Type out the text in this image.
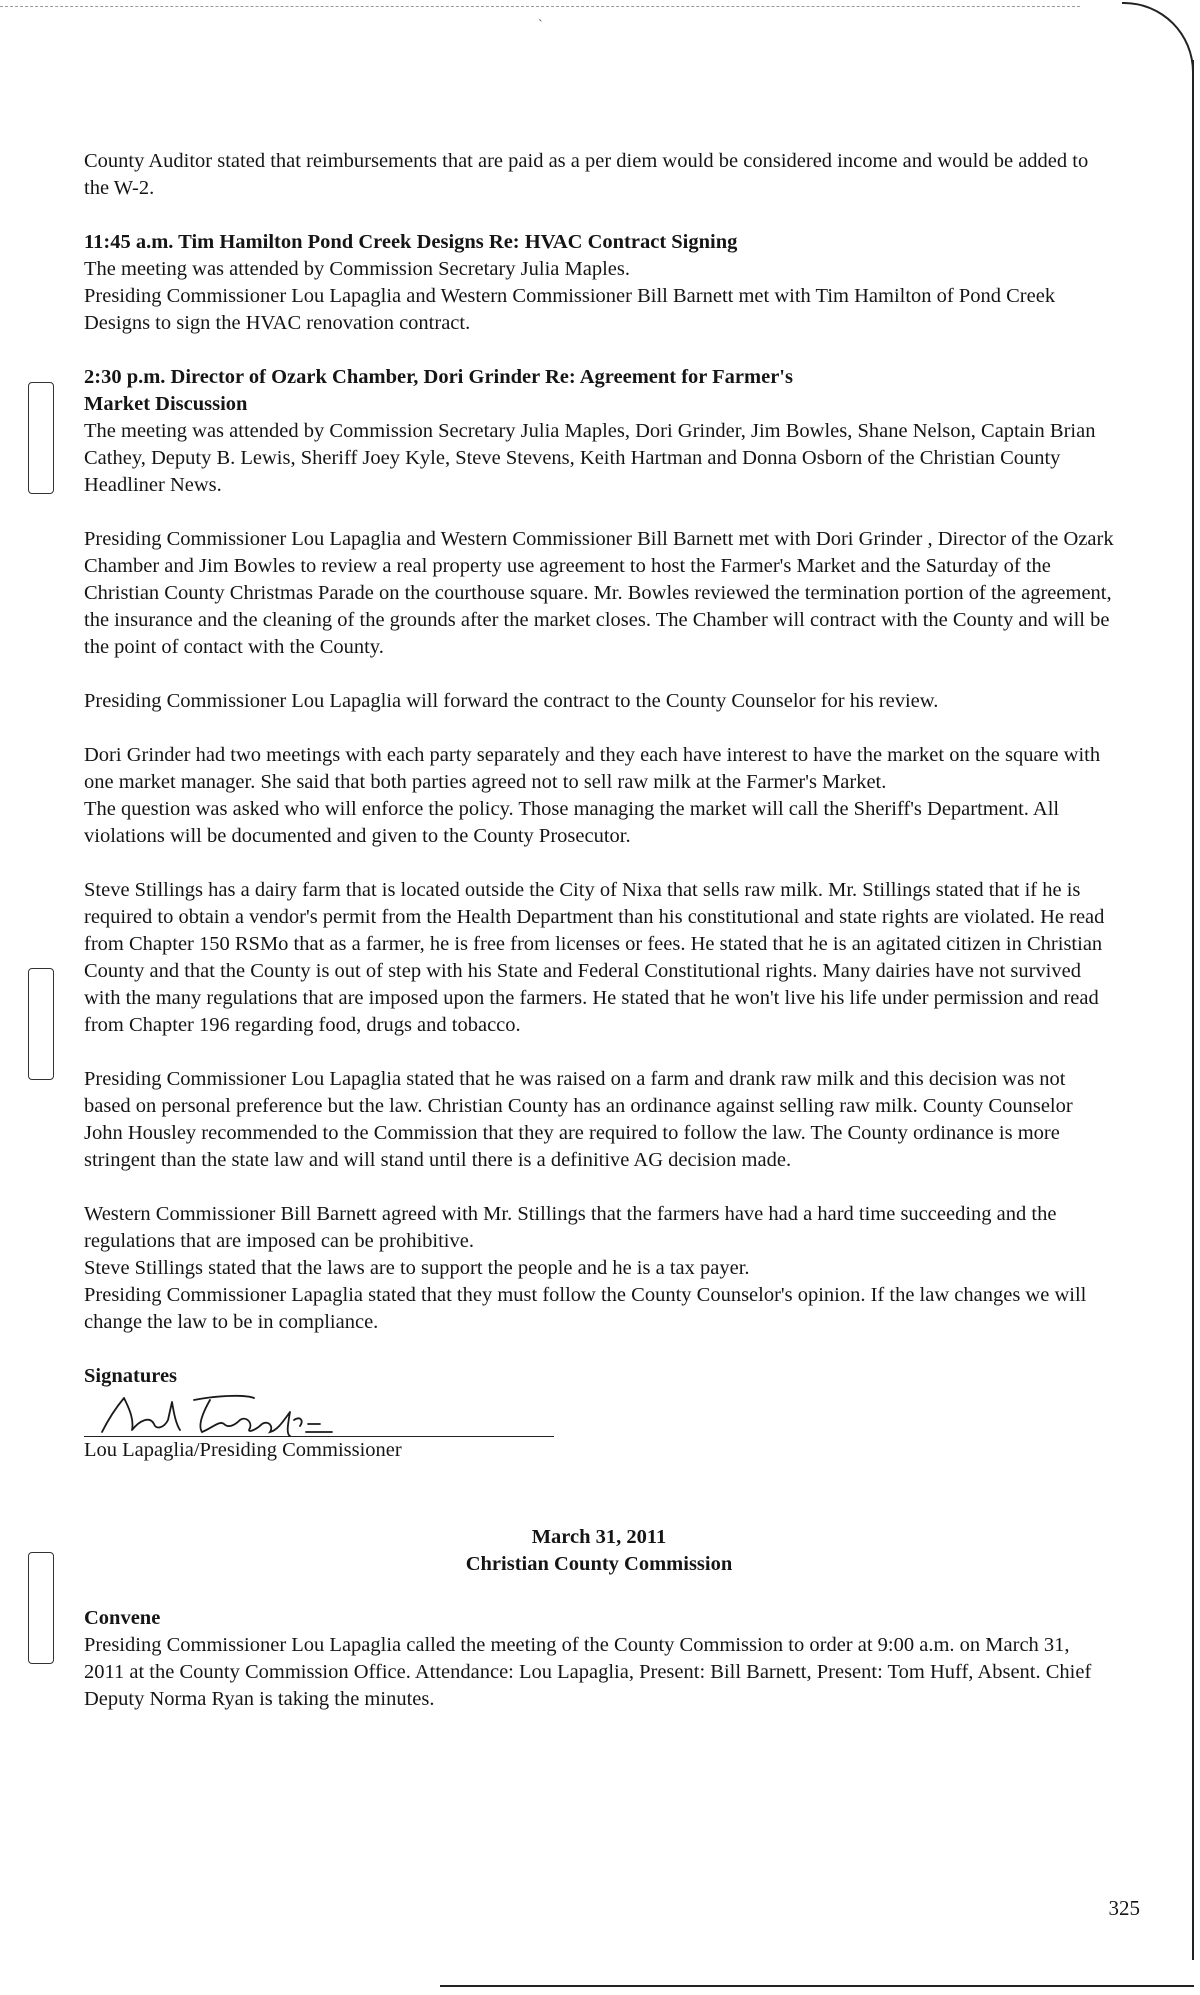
`

County Auditor stated that reimbursements that are paid as a per diem would be considered income and would be added to the W-2.

11:45 a.m. Tim Hamilton Pond Creek Designs Re: HVAC Contract Signing

The meeting was attended by Commission Secretary Julia Maples.

Presiding Commissioner Lou Lapaglia and Western Commissioner Bill Barnett met with Tim Hamilton of Pond Creek Designs to sign the HVAC renovation contract.

2:30 p.m. Director of Ozark Chamber, Dori Grinder Re: Agreement for Farmer's

Market Discussion

The meeting was attended by Commission Secretary Julia Maples, Dori Grinder, Jim Bowles, Shane Nelson, Captain Brian Cathey, Deputy B. Lewis, Sheriff Joey Kyle, Steve Stevens, Keith Hartman and Donna Osborn of the Christian County Headliner News.

Presiding Commissioner Lou Lapaglia and Western Commissioner Bill Barnett met with Dori Grinder , Director of the Ozark Chamber and Jim Bowles to review a real property use agreement to host the Farmer's Market and the Saturday of the Christian County Christmas Parade on the courthouse square. Mr. Bowles reviewed the termination portion of the agreement, the insurance and the cleaning of the grounds after the market closes. The Chamber will contract with the County and will be the point of contact with the County.

Presiding Commissioner Lou Lapaglia will forward the contract to the County Counselor for his review.

Dori Grinder had two meetings with each party separately and they each have interest to have the market on the square with one market manager. She said that both parties agreed not to sell raw milk at the Farmer's Market.

The question was asked who will enforce the policy. Those managing the market will call the Sheriff's Department. All violations will be documented and given to the County Prosecutor.

Steve Stillings has a dairy farm that is located outside the City of Nixa that sells raw milk. Mr. Stillings stated that if he is required to obtain a vendor's permit from the Health Department than his constitutional and state rights are violated. He read from Chapter 150 RSMo that as a farmer, he is free from licenses or fees. He stated that he is an agitated citizen in Christian County and that the County is out of step with his State and Federal Constitutional rights. Many dairies have not survived with the many regulations that are imposed upon the farmers. He stated that he won't live his life under permission and read from Chapter 196 regarding food, drugs and tobacco.

Presiding Commissioner Lou Lapaglia stated that he was raised on a farm and drank raw milk and this decision was not based on personal preference but the law. Christian County has an ordinance against selling raw milk. County Counselor John Housley recommended to the Commission that they are required to follow the law. The County ordinance is more stringent than the state law and will stand until there is a definitive AG decision made.

Western Commissioner Bill Barnett agreed with Mr. Stillings that the farmers have had a hard time succeeding and the regulations that are imposed can be prohibitive.

Steve Stillings stated that the laws are to support the people and he is a tax payer.

Presiding Commissioner Lapaglia stated that they must follow the County Counselor's opinion. If the law changes we will change the law to be in compliance.

Signatures

Lou Lapaglia/Presiding Commissioner

March 31, 2011

Christian County Commission

Convene

Presiding Commissioner Lou Lapaglia called the meeting of the County Commission to order at 9:00 a.m. on March 31, 2011 at the County Commission Office. Attendance: Lou Lapaglia, Present: Bill Barnett, Present: Tom Huff, Absent. Chief Deputy Norma Ryan is taking the minutes.

325
